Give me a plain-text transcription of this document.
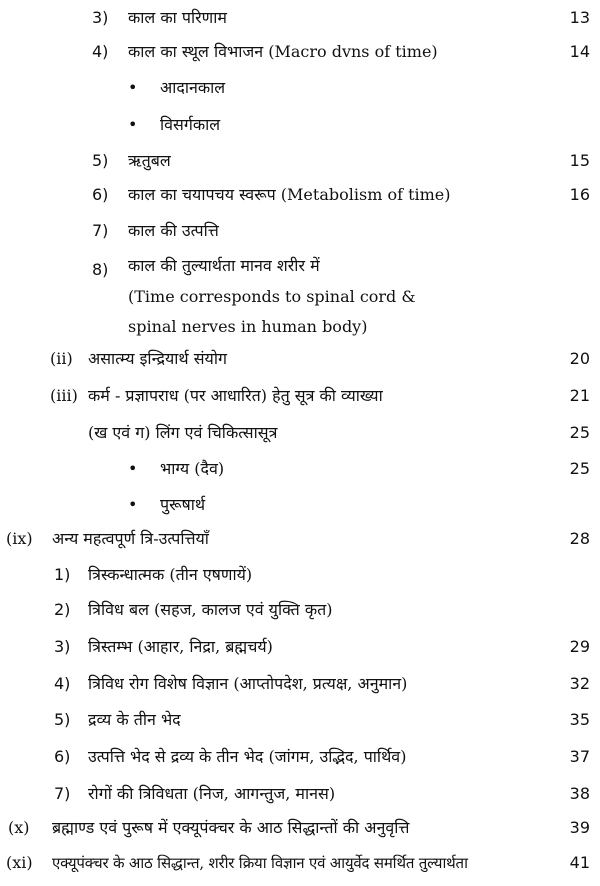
3) काल का परिणाम	13
4) काल का स्थूल विभाजन (Macro dvns of time)	14
• आदानकाल
• विसर्गकाल
5) ऋतुबल	15
6) काल का चयापचय स्वरूप (Metabolism of time)	16
7) काल की उत्पत्ति
8) काल की तुल्यार्थता मानव शरीर में
(Time corresponds to spinal cord &
spinal nerves in human body)
(ii) असात्म्य इन्द्रियार्थ संयोग	20
(iii) कर्म - प्रज्ञापराध (पर आधारित) हेतु सूत्र की व्याख्या	21
(ख एवं ग) लिंग एवं चिकित्सासूत्र	25
• भाग्य (दैव)	25
• पुरूषार्थ
(ix) अन्य महत्वपूर्ण त्रि-उत्पत्तियाँ	28
1) त्रिस्कन्धात्मक (तीन एषणायें)
2) त्रिविध बल (सहज, कालज एवं युक्ति कृत)
3) त्रिस्तम्भ (आहार, निद्रा, ब्रह्मचर्य)	29
4) त्रिविध रोग विशेष विज्ञान (आप्तोपदेश, प्रत्यक्ष, अनुमान)	32
5) द्रव्य के तीन भेद	35
6) उत्पत्ति भेद से द्रव्य के तीन भेद (जांगम, उद्भिद, पार्थिव)	37
7) रोगों की त्रिविधता (निज, आगन्तुज, मानस)	38
(x) ब्रह्माण्ड एवं पुरूष में एक्यूपंक्चर के आठ सिद्धान्तों की अनुवृत्ति	39
(xi) एक्यूपंक्चर के आठ सिद्धान्त, शरीर क्रिया विज्ञान एवं आयुर्वेद समर्थित तुल्यार्थता	41
